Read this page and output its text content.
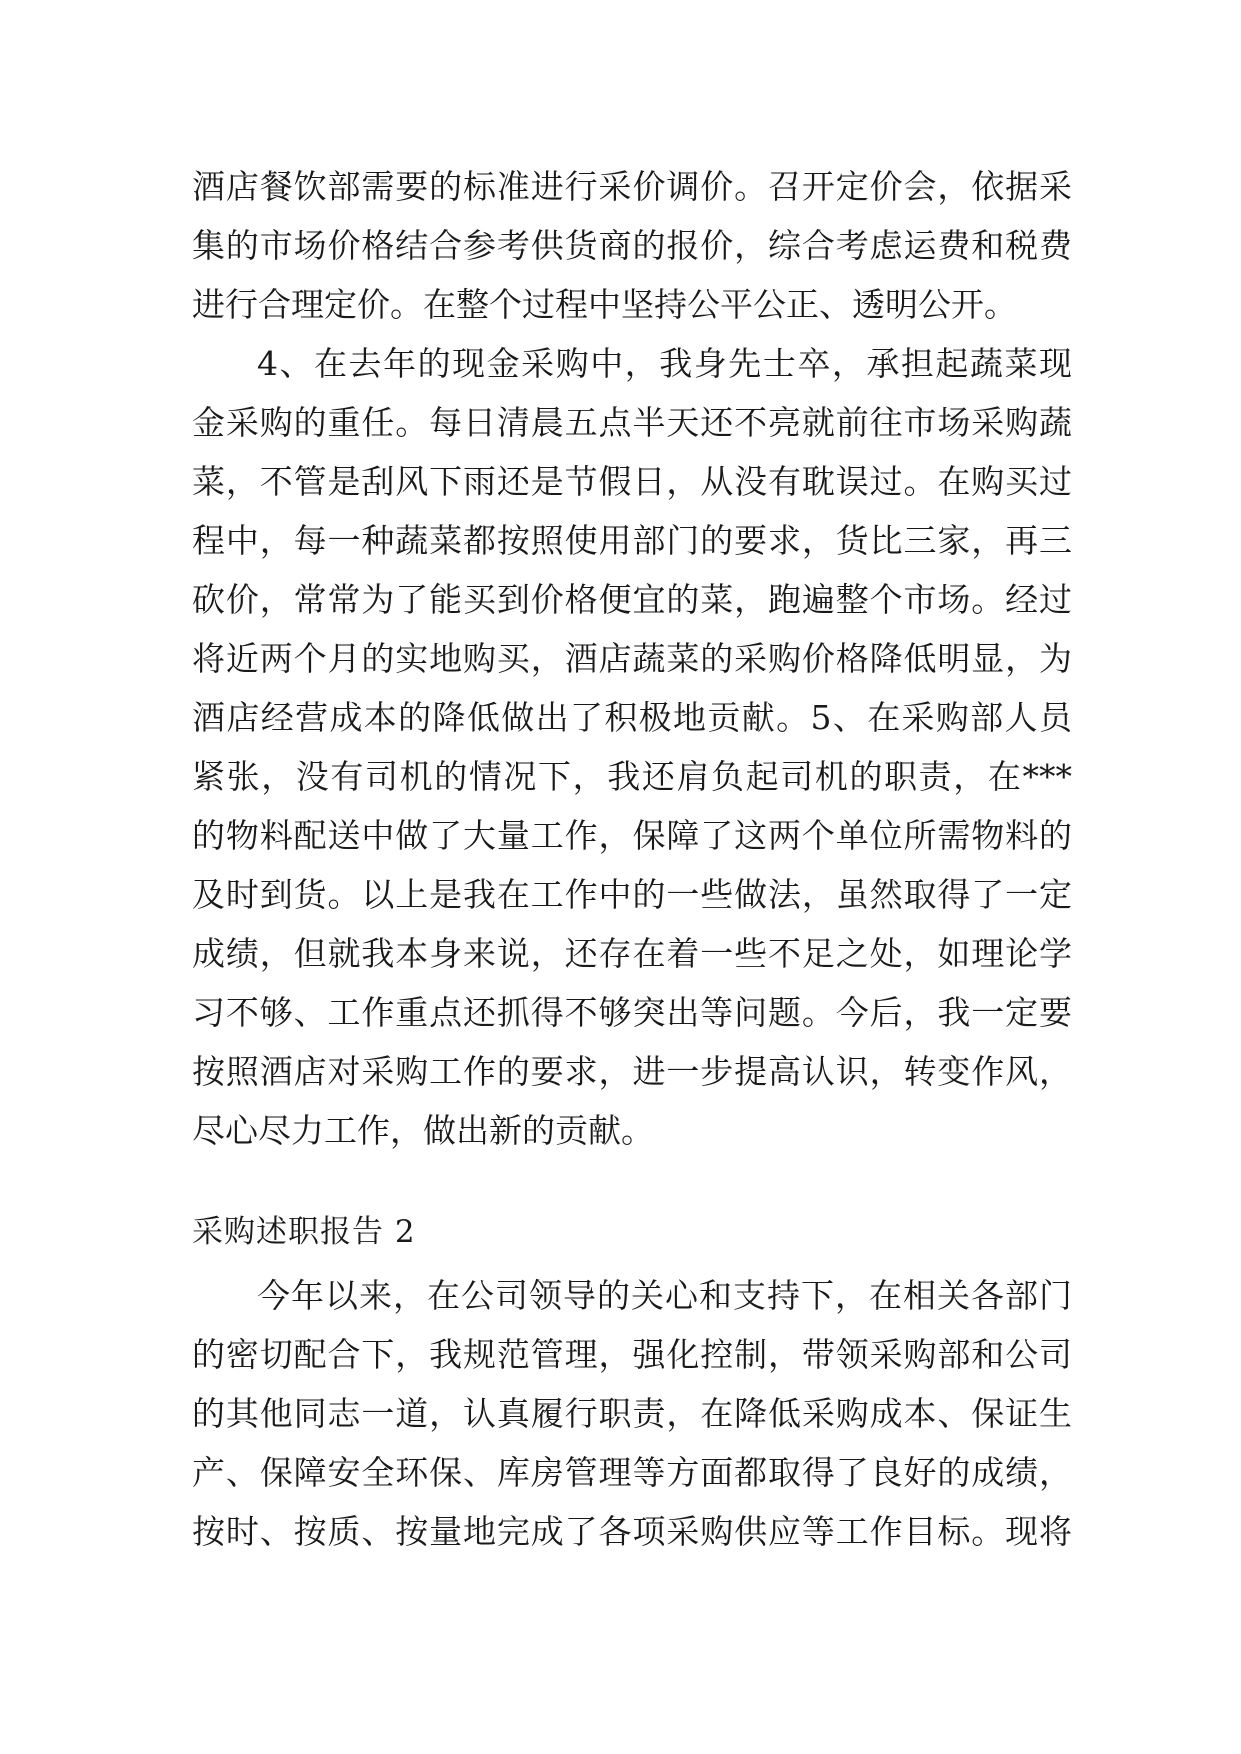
酒店餐饮部需要的标准进行采价调价。召开定价会，依据采
集的市场价格结合参考供货商的报价，综合考虑运费和税费
进行合理定价。在整个过程中坚持公平公正、透明公开。
4、在去年的现金采购中，我身先士卒，承担起蔬菜现
金采购的重任。每日清晨五点半天还不亮就前往市场采购蔬
菜，不管是刮风下雨还是节假日，从没有耽误过。在购买过
程中，每一种蔬菜都按照使用部门的要求，货比三家，再三
砍价，常常为了能买到价格便宜的菜，跑遍整个市场。经过
将近两个月的实地购买，酒店蔬菜的采购价格降低明显，为
酒店经营成本的降低做出了积极地贡献。5、在采购部人员
紧张，没有司机的情况下，我还肩负起司机的职责，在***
的物料配送中做了大量工作，保障了这两个单位所需物料的
及时到货。以上是我在工作中的一些做法，虽然取得了一定
成绩，但就我本身来说，还存在着一些不足之处，如理论学
习不够、工作重点还抓得不够突出等问题。今后，我一定要
按照酒店对采购工作的要求，进一步提高认识，转变作风，
尽心尽力工作，做出新的贡献。
采购述职报告 2
今年以来，在公司领导的关心和支持下，在相关各部门
的密切配合下，我规范管理，强化控制，带领采购部和公司
的其他同志一道，认真履行职责，在降低采购成本、保证生
产、保障安全环保、库房管理等方面都取得了良好的成绩，
按时、按质、按量地完成了各项采购供应等工作目标。现将
